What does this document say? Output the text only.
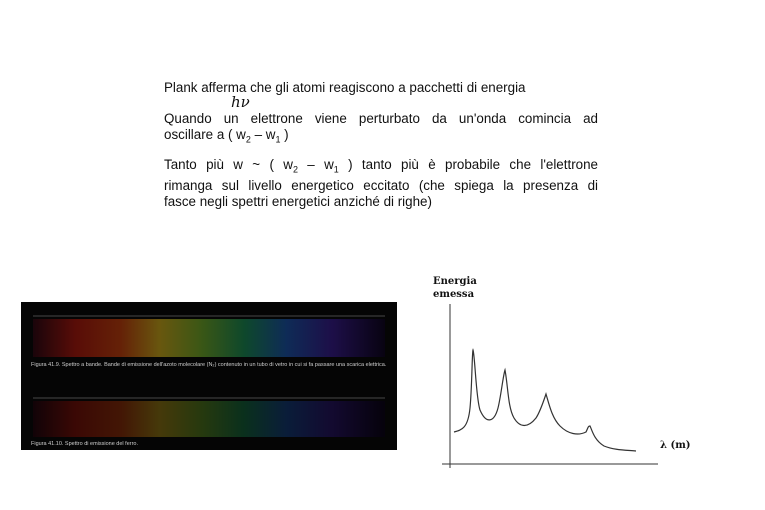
Plank afferma che gli atomi reagiscono a pacchetti di energia
hν
Quando un elettrone viene perturbato da un'onda comincia ad
oscillare a ( $w_2 - w_1$ )
Tanto più w ~ ( $w_2 - w_1$ ) tanto più è probabile che l'elettrone
rimanga sul livello energetico eccitato (che spiega la presenza di
fasce negli spettri energetici anziché di righe)
Figura 41.9. Spettro a bande. Bande di emissione dell'azoto molecolare (N₂) contenuto in un tubo di vetro in cui si fa passare una scarica elettrica.
Figura 41.10. Spettro di emissione del ferro.
Energia
emessa
λ (m)
